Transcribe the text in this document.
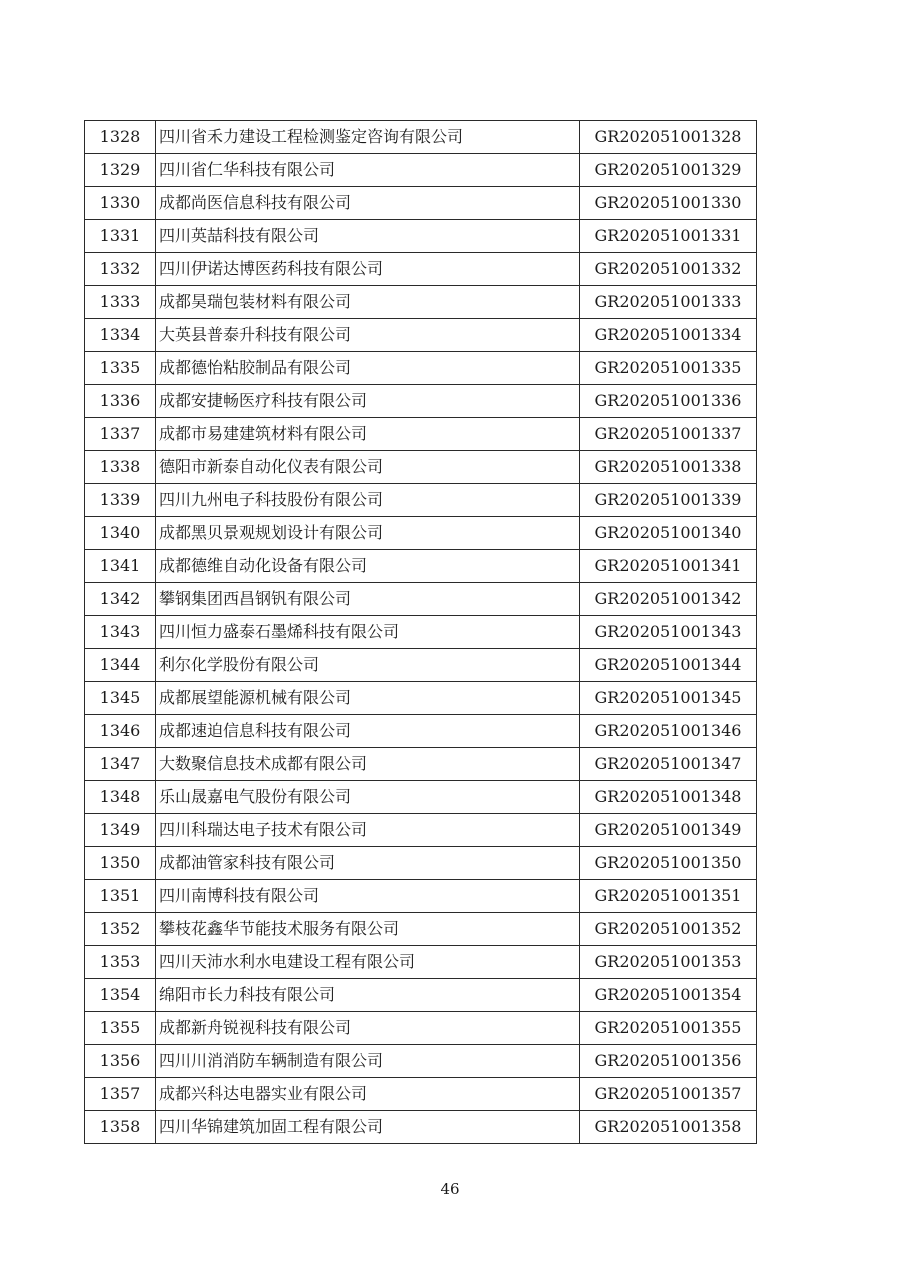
1328	四川省禾力建设工程检测鉴定咨询有限公司	GR202051001328
1329	四川省仁华科技有限公司	GR202051001329
1330	成都尚医信息科技有限公司	GR202051001330
1331	四川英喆科技有限公司	GR202051001331
1332	四川伊诺达博医药科技有限公司	GR202051001332
1333	成都昊瑞包装材料有限公司	GR202051001333
1334	大英县普泰升科技有限公司	GR202051001334
1335	成都德怡粘胶制品有限公司	GR202051001335
1336	成都安捷畅医疗科技有限公司	GR202051001336
1337	成都市易建建筑材料有限公司	GR202051001337
1338	德阳市新泰自动化仪表有限公司	GR202051001338
1339	四川九州电子科技股份有限公司	GR202051001339
1340	成都黑贝景观规划设计有限公司	GR202051001340
1341	成都德维自动化设备有限公司	GR202051001341
1342	攀钢集团西昌钢钒有限公司	GR202051001342
1343	四川恒力盛泰石墨烯科技有限公司	GR202051001343
1344	利尔化学股份有限公司	GR202051001344
1345	成都展望能源机械有限公司	GR202051001345
1346	成都速迫信息科技有限公司	GR202051001346
1347	大数聚信息技术成都有限公司	GR202051001347
1348	乐山晟嘉电气股份有限公司	GR202051001348
1349	四川科瑞达电子技术有限公司	GR202051001349
1350	成都油管家科技有限公司	GR202051001350
1351	四川南博科技有限公司	GR202051001351
1352	攀枝花鑫华节能技术服务有限公司	GR202051001352
1353	四川天沛水利水电建设工程有限公司	GR202051001353
1354	绵阳市长力科技有限公司	GR202051001354
1355	成都新舟锐视科技有限公司	GR202051001355
1356	四川川消消防车辆制造有限公司	GR202051001356
1357	成都兴科达电器实业有限公司	GR202051001357
1358	四川华锦建筑加固工程有限公司	GR202051001358
46
